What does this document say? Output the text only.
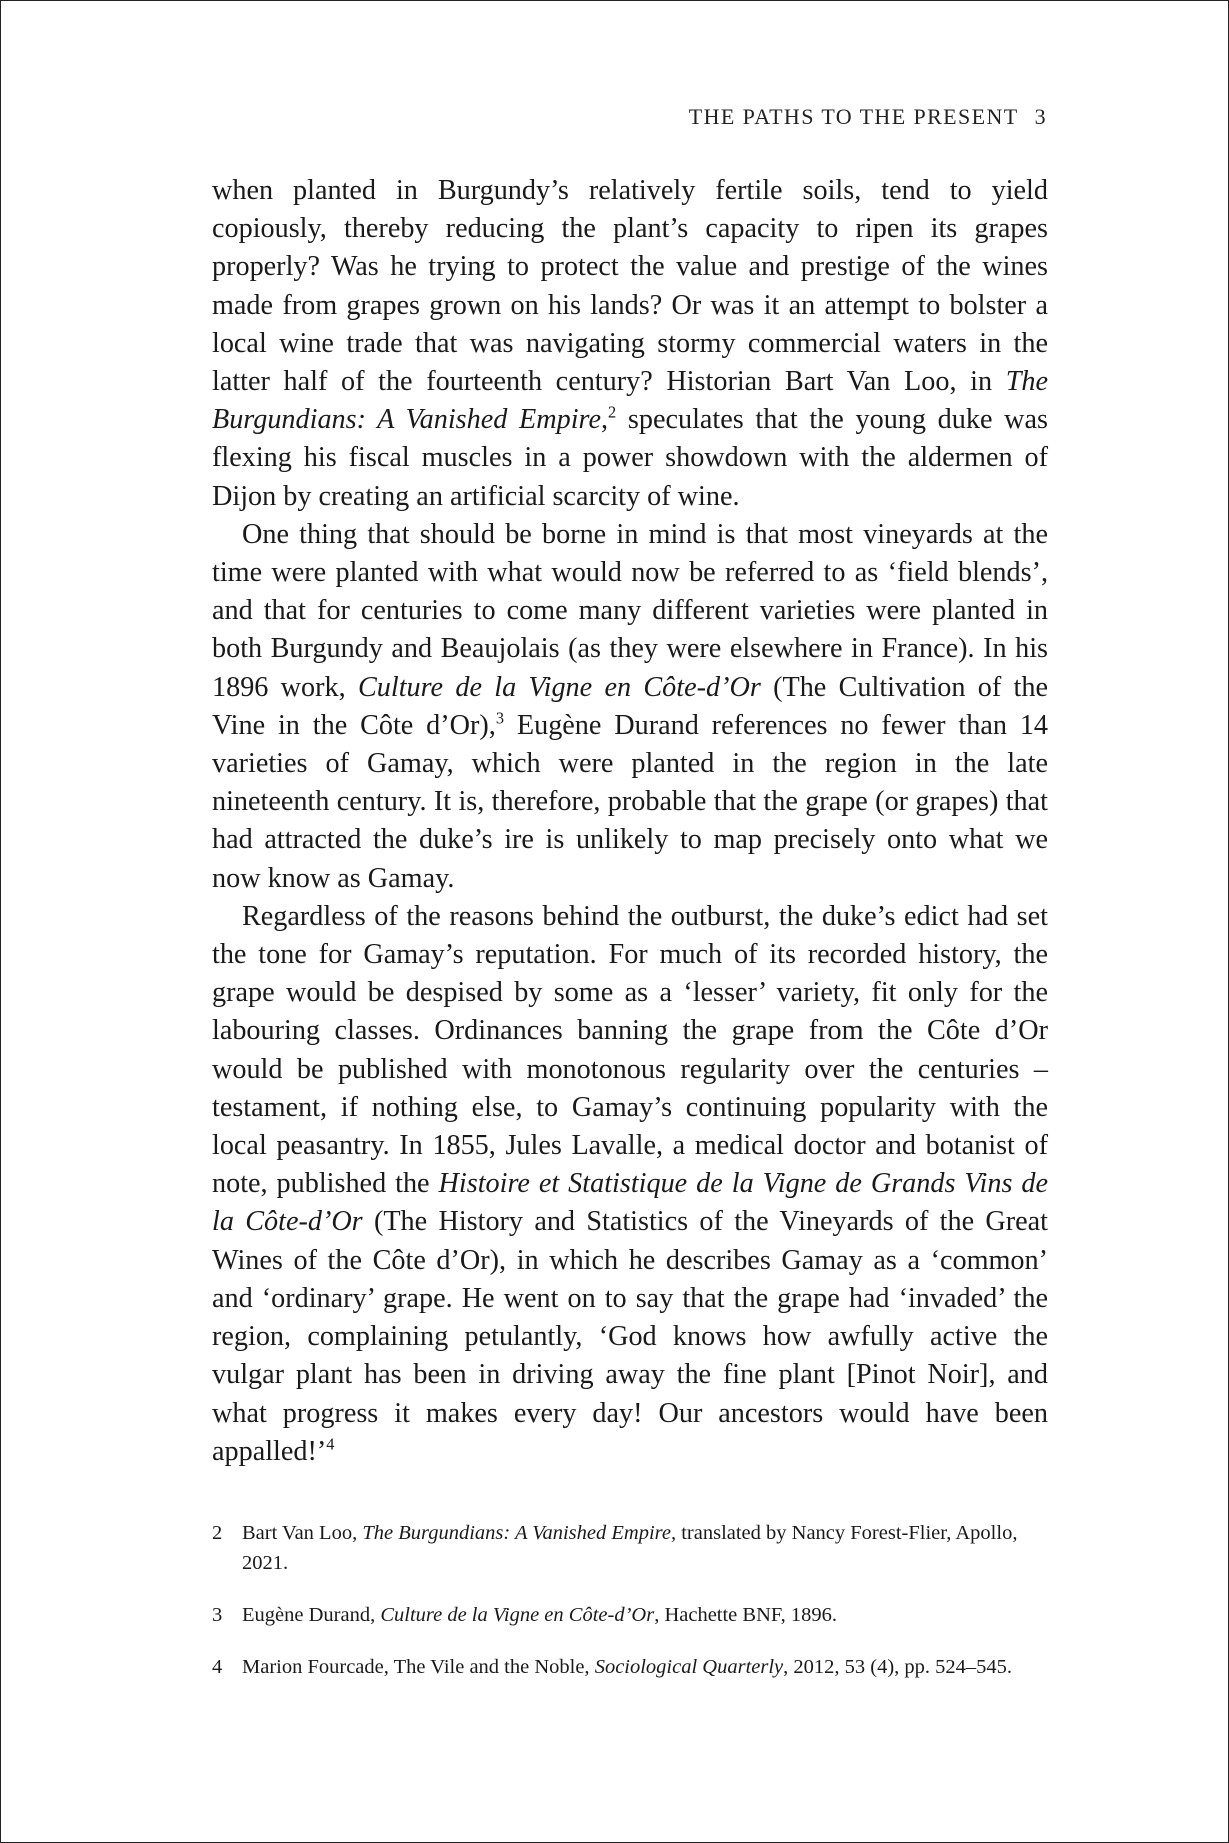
THE PATHS TO THE PRESENT 3

when planted in Burgundy’s relatively fertile soils, tend to yield copiously, thereby reducing the plant’s capacity to ripen its grapes properly? Was he trying to protect the value and prestige of the wines made from grapes grown on his lands? Or was it an attempt to bolster a local wine trade that was navigating stormy commercial waters in the latter half of the fourteenth century? Historian Bart Van Loo, in The Burgundians: A Vanished Empire,$^2$ speculates that the young duke was flexing his fiscal muscles in a power showdown with the aldermen of Dijon by creating an artificial scarcity of wine.

One thing that should be borne in mind is that most vineyards at the time were planted with what would now be referred to as ‘field blends’, and that for centuries to come many different varieties were planted in both Burgundy and Beaujolais (as they were elsewhere in France). In his 1896 work, Culture de la Vigne en Côte-d’Or (The Cultivation of the Vine in the Côte d’Or),$^3$ Eugène Durand references no fewer than 14 varieties of Gamay, which were planted in the region in the late nineteenth century. It is, therefore, probable that the grape (or grapes) that had attracted the duke’s ire is unlikely to map precisely onto what we now know as Gamay.

Regardless of the reasons behind the outburst, the duke’s edict had set the tone for Gamay’s reputation. For much of its recorded history, the grape would be despised by some as a ‘lesser’ variety, fit only for the labouring classes. Ordinances banning the grape from the Côte d’Or would be published with monotonous regularity over the centuries – testament, if nothing else, to Gamay’s continuing popularity with the local peasantry. In 1855, Jules Lavalle, a medical doctor and botanist of note, published the Histoire et Statistique de la Vigne de Grands Vins de la Côte-d’Or (The History and Statistics of the Vineyards of the Great Wines of the Côte d’Or), in which he describes Gamay as a ‘common’ and ‘ordinary’ grape. He went on to say that the grape had ‘invaded’ the region, complaining petulantly, ‘God knows how awfully active the vulgar plant has been in driving away the fine plant [Pinot Noir], and what progress it makes every day! Our ancestors would have been appalled!’$^4$

2 Bart Van Loo, The Burgundians: A Vanished Empire, translated by Nancy Forest-Flier, Apollo, 2021.
3 Eugène Durand, Culture de la Vigne en Côte-d’Or, Hachette BNF, 1896.
4 Marion Fourcade, The Vile and the Noble, Sociological Quarterly, 2012, 53 (4), pp. 524–545.
